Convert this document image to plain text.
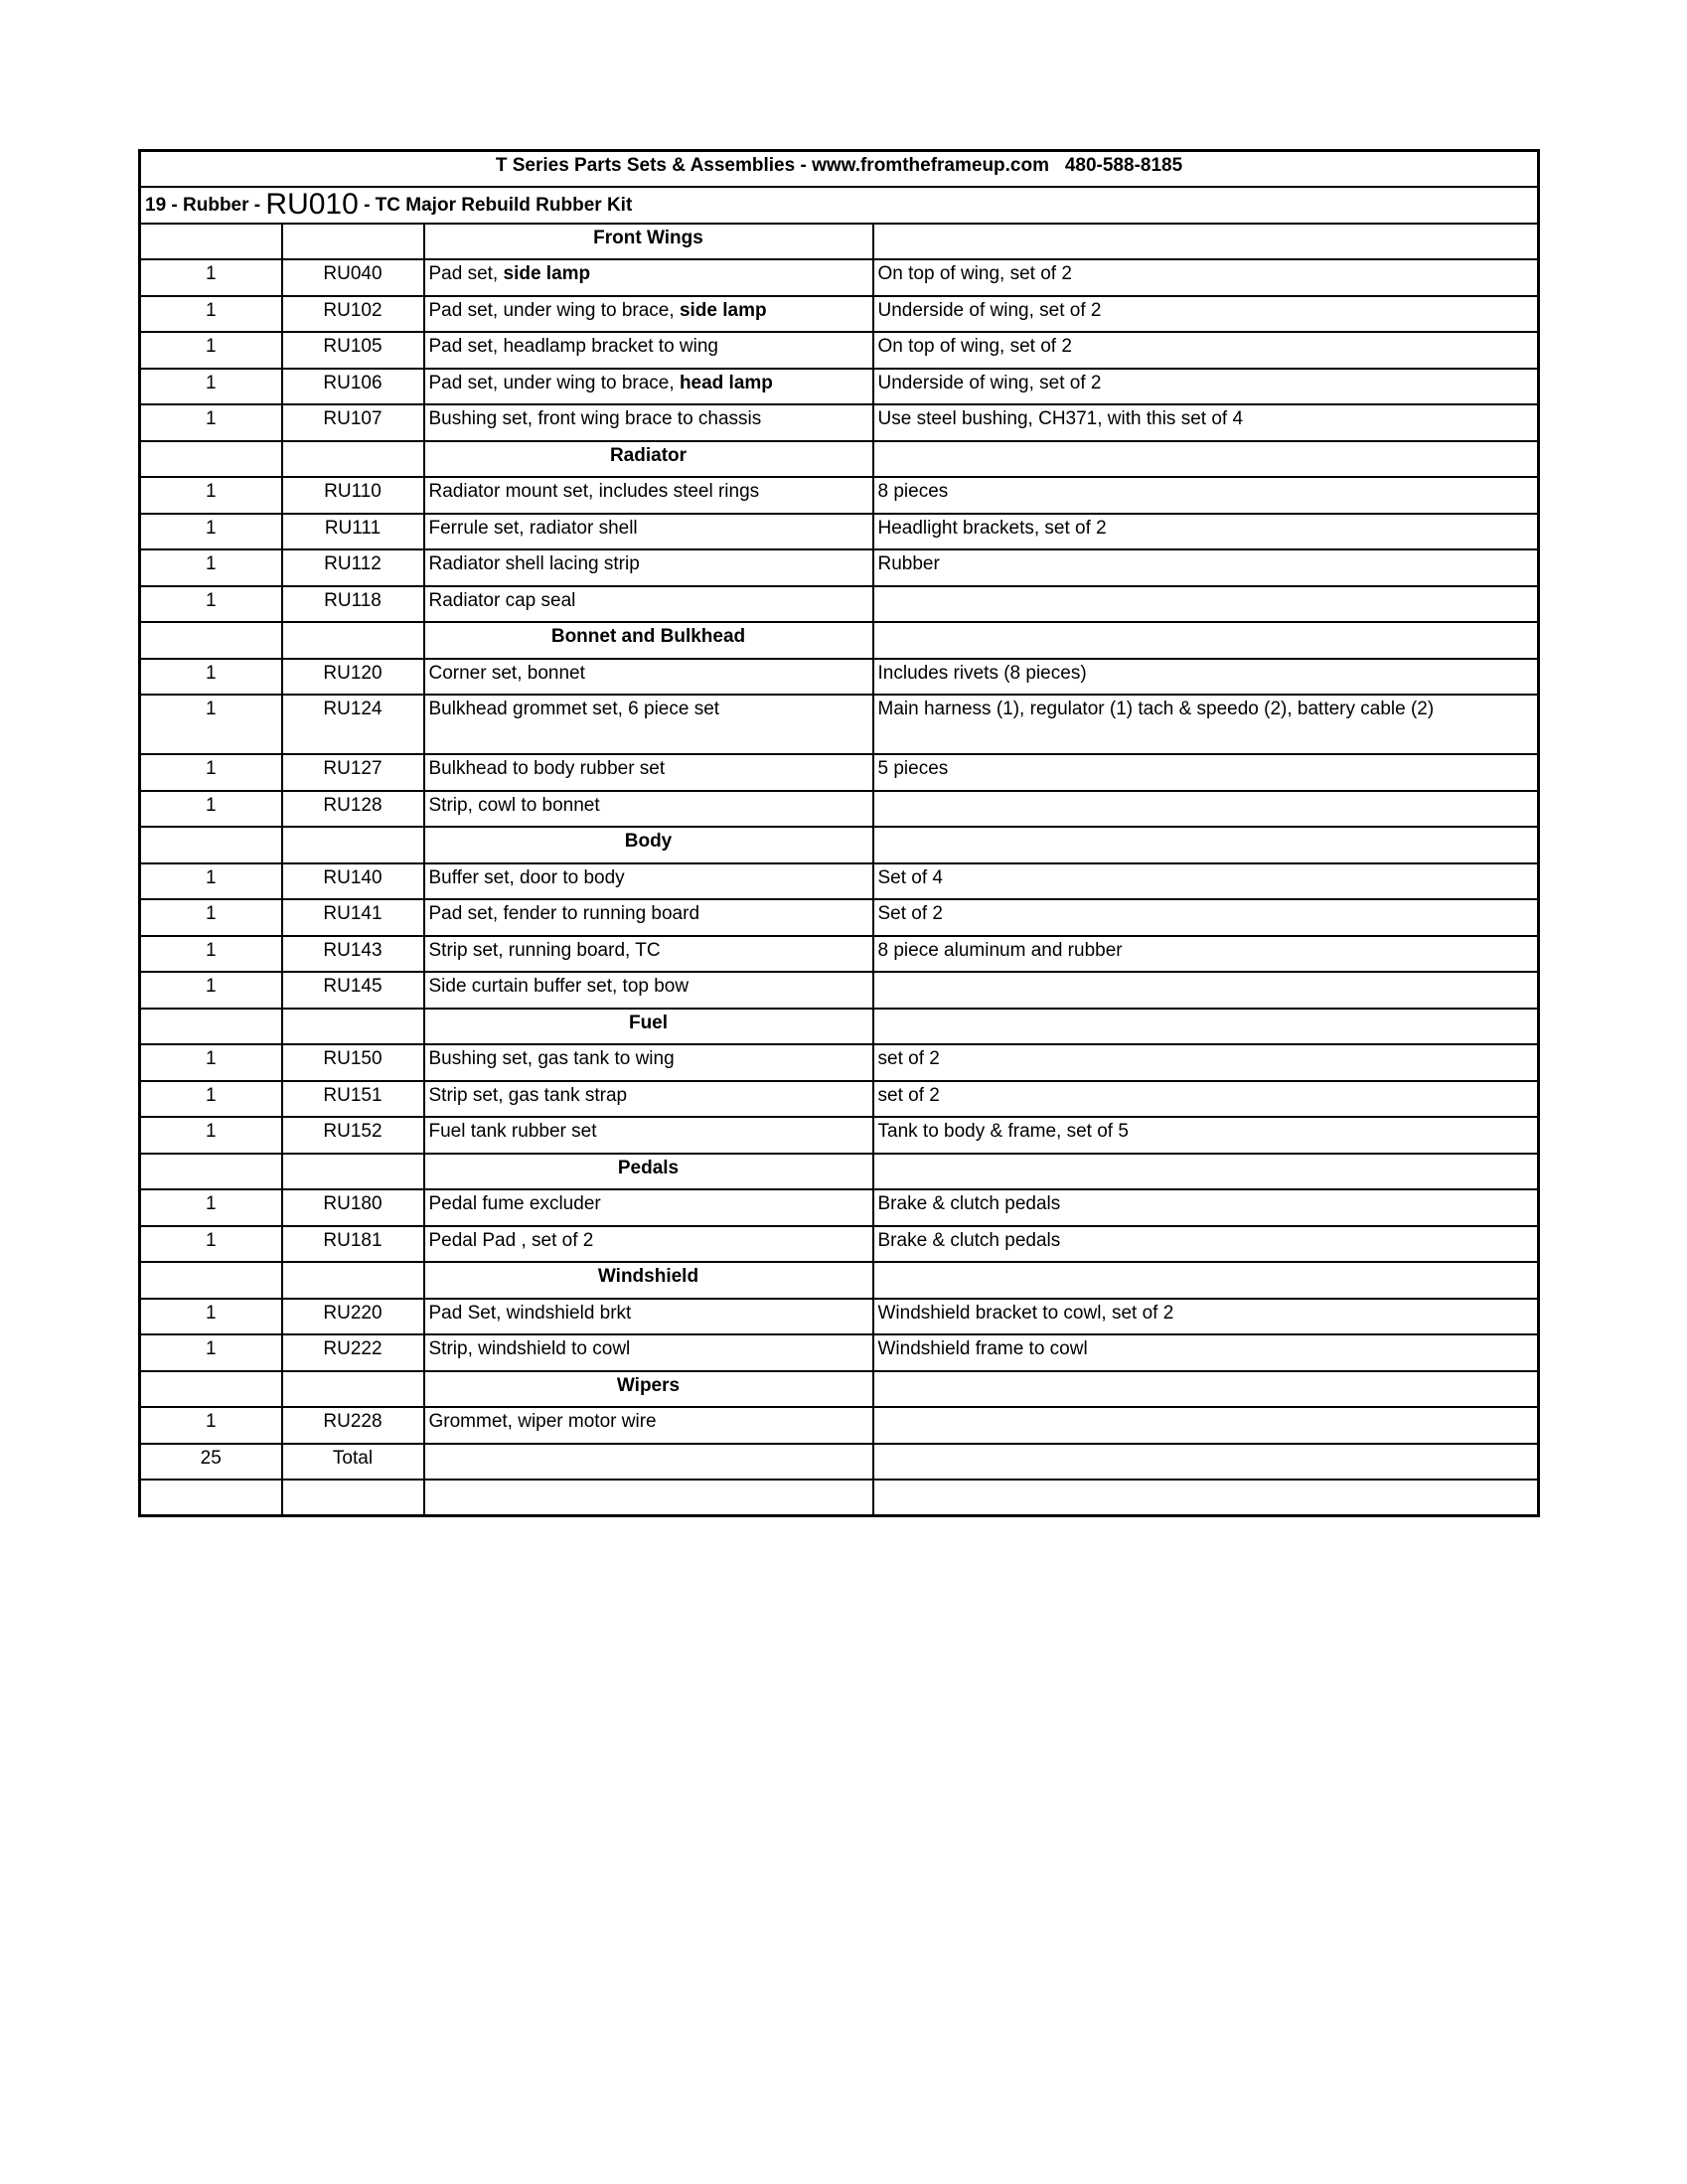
T Series Parts Sets & Assemblies - www.fromtheframeup.com   480-588-8185			
19 - Rubber - RU010 - TC Major Rebuild Rubber Kit			
		Front Wings	
1	RU040	Pad set, side lamp	On top of wing, set of 2
1	RU102	Pad set, under wing to brace, side lamp	Underside of wing, set of 2
1	RU105	Pad set, headlamp bracket to wing	On top of wing, set of 2
1	RU106	Pad set, under wing to brace, head lamp	Underside of wing, set of 2
1	RU107	Bushing set, front wing brace to chassis	Use steel bushing, CH371, with this set of 4
		Radiator	
1	RU110	Radiator mount set, includes steel rings	8 pieces
1	RU111	Ferrule set, radiator shell	Headlight brackets, set of 2
1	RU112	Radiator shell lacing strip	Rubber
1	RU118	Radiator cap seal	
		Bonnet and Bulkhead	
1	RU120	Corner set, bonnet	Includes rivets (8 pieces)
1	RU124	Bulkhead grommet set, 6 piece set	Main harness (1), regulator (1) tach & speedo (2), battery cable (2)
1	RU127	Bulkhead to body rubber set	5 pieces
1	RU128	Strip, cowl to bonnet	
		Body	
1	RU140	Buffer set, door to body	Set of 4
1	RU141	Pad set, fender to running board	Set of 2
1	RU143	Strip set, running board, TC	8 piece aluminum and rubber
1	RU145	Side curtain buffer set, top bow	
		Fuel	
1	RU150	Bushing set, gas tank to wing	set of 2
1	RU151	Strip set, gas tank strap	set of 2
1	RU152	Fuel tank rubber set	Tank to body & frame, set of 5
		Pedals	
1	RU180	Pedal fume excluder	Brake & clutch pedals
1	RU181	Pedal Pad , set of 2	Brake & clutch pedals
		Windshield	
1	RU220	Pad Set, windshield brkt	Windshield bracket to cowl, set of 2
1	RU222	Strip, windshield to cowl	Windshield frame to cowl
		Wipers	
1	RU228	Grommet, wiper motor wire	
25	Total		
